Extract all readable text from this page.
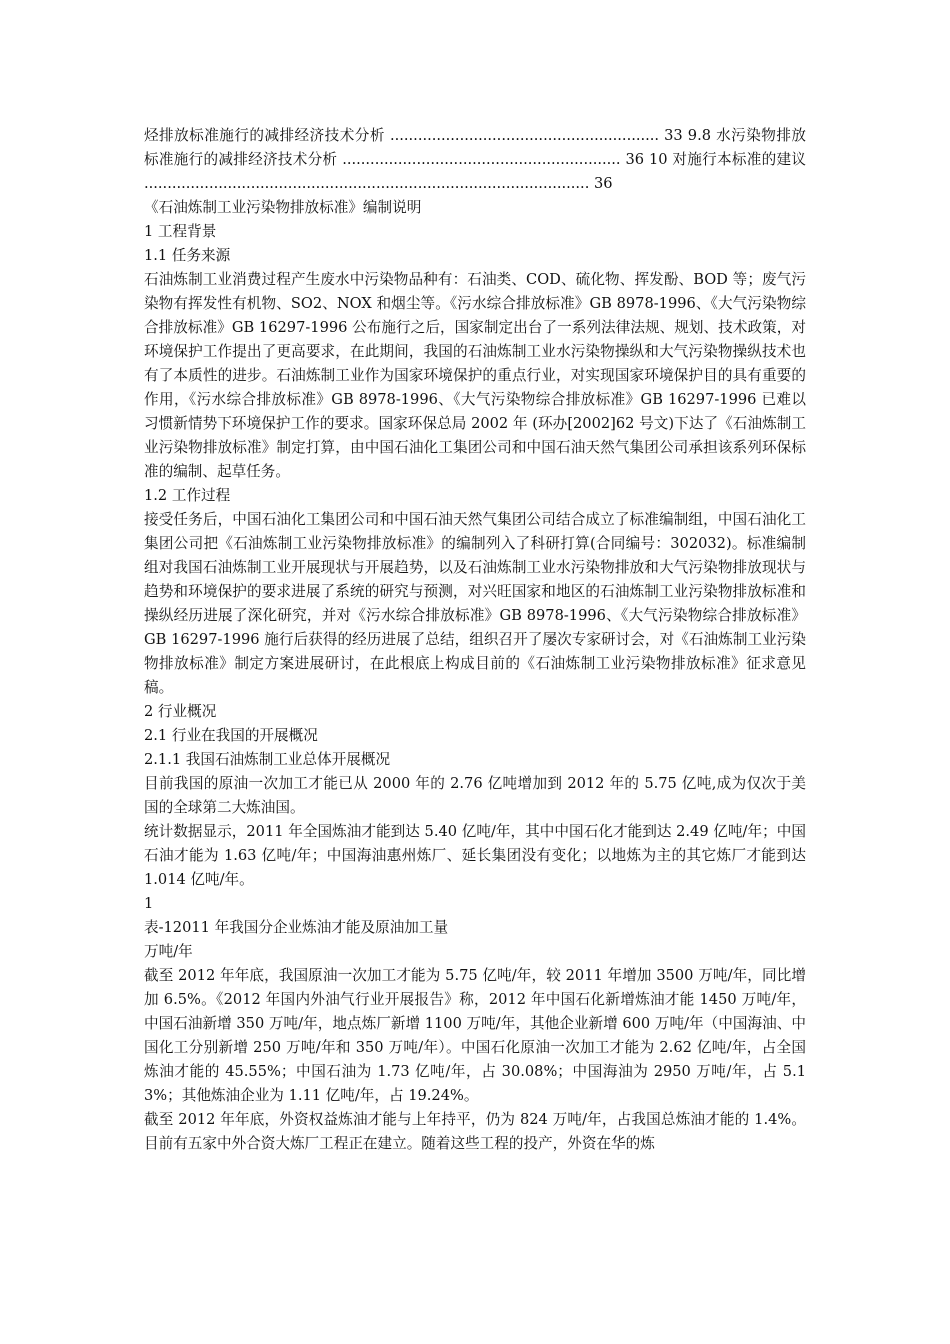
烃排放标准施行的减排经济技术分析 .......................................................... 33 9.8 水污染物排放标准施行的减排经济技术分析 ............................................................ 36 10 对施行本标准的建议 ................................................................................................ 36

《石油炼制工业污染物排放标准》编制说明

1 工程背景

1.1 任务来源

石油炼制工业消费过程产生废水中污染物品种有：石油类、COD、硫化物、挥发酚、BOD 等；废气污染物有挥发性有机物、SO2、NOX 和烟尘等。《污水综合排放标准》GB 8978-1996、《大气污染物综合排放标准》GB 16297-1996 公布施行之后，国家制定出台了一系列法律法规、规划、技术政策，对环境保护工作提出了更高要求，在此期间，我国的石油炼制工业水污染物操纵和大气污染物操纵技术也有了本质性的进步。石油炼制工业作为国家环境保护的重点行业，对实现国家环境保护目的具有重要的作用，《污水综合排放标准》GB 8978-1996、《大气污染物综合排放标准》GB 16297-1996 已难以习惯新情势下环境保护工作的要求。国家环保总局 2002 年 (环办[2002]62 号文)下达了《石油炼制工业污染物排放标准》制定打算，由中国石油化工集团公司和中国石油天然气集团公司承担该系列环保标准的编制、起草任务。

1.2 工作过程

接受任务后，中国石油化工集团公司和中国石油天然气集团公司结合成立了标准编制组，中国石油化工集团公司把《石油炼制工业污染物排放标准》的编制列入了科研打算(合同编号：302032)。标准编制组对我国石油炼制工业开展现状与开展趋势，以及石油炼制工业水污染物排放和大气污染物排放现状与趋势和环境保护的要求进展了系统的研究与预测，对兴旺国家和地区的石油炼制工业污染物排放标准和操纵经历进展了深化研究，并对《污水综合排放标准》GB 8978-1996、《大气污染物综合排放标准》GB 16297-1996 施行后获得的经历进展了总结，组织召开了屡次专家研讨会，对《石油炼制工业污染物排放标准》制定方案进展研讨，在此根底上构成目前的《石油炼制工业污染物排放标准》征求意见稿。

2 行业概况

2.1 行业在我国的开展概况

2.1.1 我国石油炼制工业总体开展概况

目前我国的原油一次加工才能已从 2000 年的 2.76 亿吨增加到 2012 年的 5.75 亿吨,成为仅次于美国的全球第二大炼油国。

统计数据显示，2011 年全国炼油才能到达 5.40 亿吨/年，其中中国石化才能到达 2.49 亿吨/年；中国石油才能为 1.63 亿吨/年；中国海油惠州炼厂、延长集团没有变化；以地炼为主的其它炼厂才能到达 1.014 亿吨/年。

1

表-12011 年我国分企业炼油才能及原油加工量

万吨/年

截至 2012 年年底，我国原油一次加工才能为 5.75 亿吨/年，较 2011 年增加 3500 万吨/年，同比增加 6.5%。《2012 年国内外油气行业开展报告》称，2012 年中国石化新增炼油才能 1450 万吨/年，中国石油新增 350 万吨/年，地点炼厂新增 1100 万吨/年，其他企业新增 600 万吨/年（中国海油、中国化工分别新增 250 万吨/年和 350 万吨/年）。中国石化原油一次加工才能为 2.62 亿吨/年，占全国炼油才能的 45.55%；中国石油为 1.73 亿吨/年，占 30.08%；中国海油为 2950 万吨/年，占 5.13%；其他炼油企业为 1.11 亿吨/年，占 19.24%。

截至 2012 年年底，外资权益炼油才能与上年持平，仍为 824 万吨/年，占我国总炼油才能的 1.4%。目前有五家中外合资大炼厂工程正在建立。随着这些工程的投产，外资在华的炼
